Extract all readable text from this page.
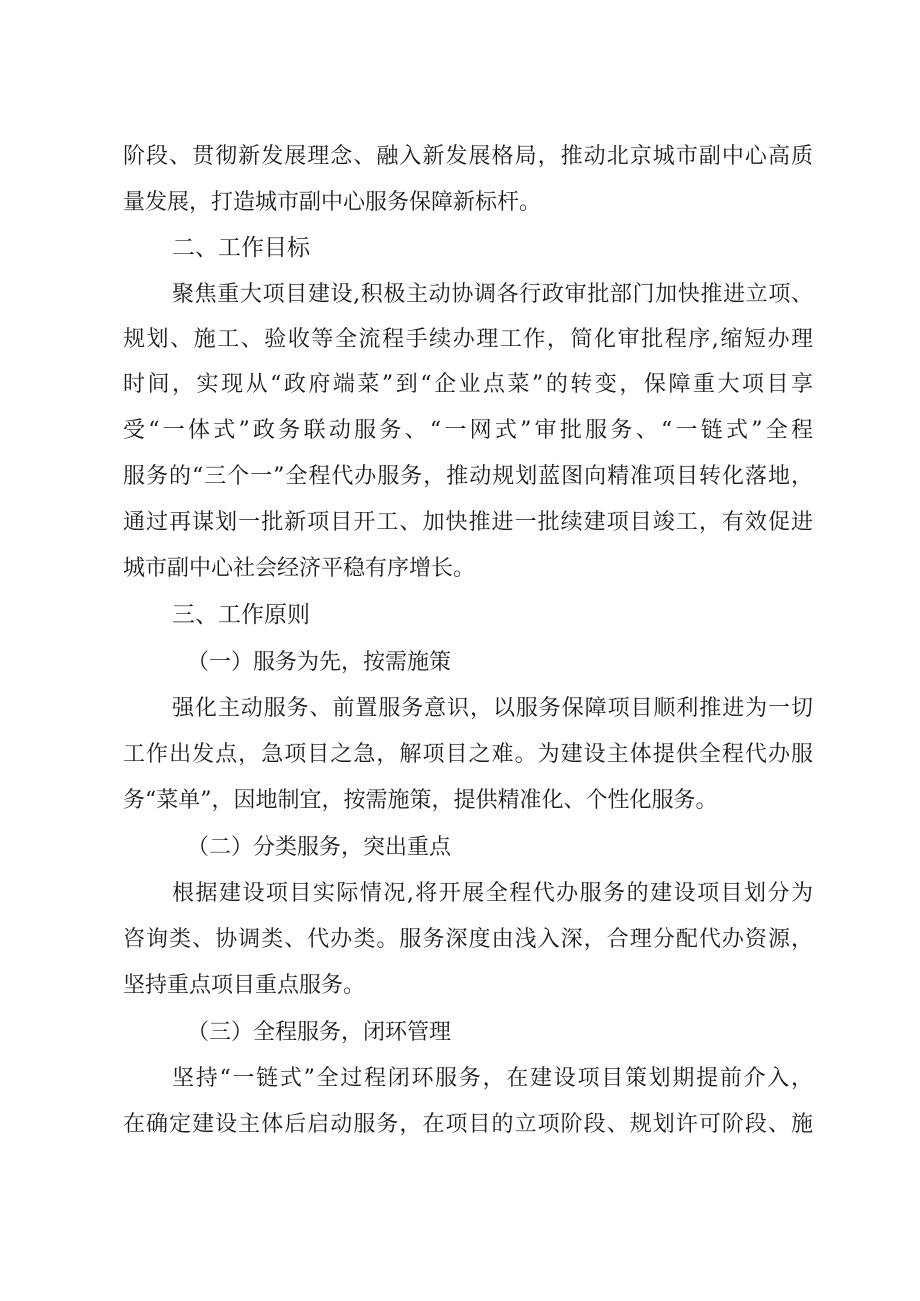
阶段、贯彻新发展理念、融入新发展格局，推动北京城市副中心高质
量发展，打造城市副中心服务保障新标杆。
二、工作目标
聚焦重大项目建设,积极主动协调各行政审批部门加快推进立项、
规划、施工、验收等全流程手续办理工作，简化审批程序,缩短办理
时间，实现从“政府端菜”到“企业点菜”的转变，保障重大项目享
受“一体式”政务联动服务、“一网式”审批服务、“一链式”全程
服务的“三个一”全程代办服务，推动规划蓝图向精准项目转化落地，
通过再谋划一批新项目开工、加快推进一批续建项目竣工，有效促进
城市副中心社会经济平稳有序增长。
三、工作原则
（一）服务为先，按需施策
强化主动服务、前置服务意识，以服务保障项目顺利推进为一切
工作出发点，急项目之急，解项目之难。为建设主体提供全程代办服
务“菜单”，因地制宜，按需施策，提供精准化、个性化服务。
（二）分类服务，突出重点
根据建设项目实际情况,将开展全程代办服务的建设项目划分为
咨询类、协调类、代办类。服务深度由浅入深，合理分配代办资源，
坚持重点项目重点服务。
（三）全程服务，闭环管理
坚持“一链式”全过程闭环服务，在建设项目策划期提前介入，
在确定建设主体后启动服务，在项目的立项阶段、规划许可阶段、施
